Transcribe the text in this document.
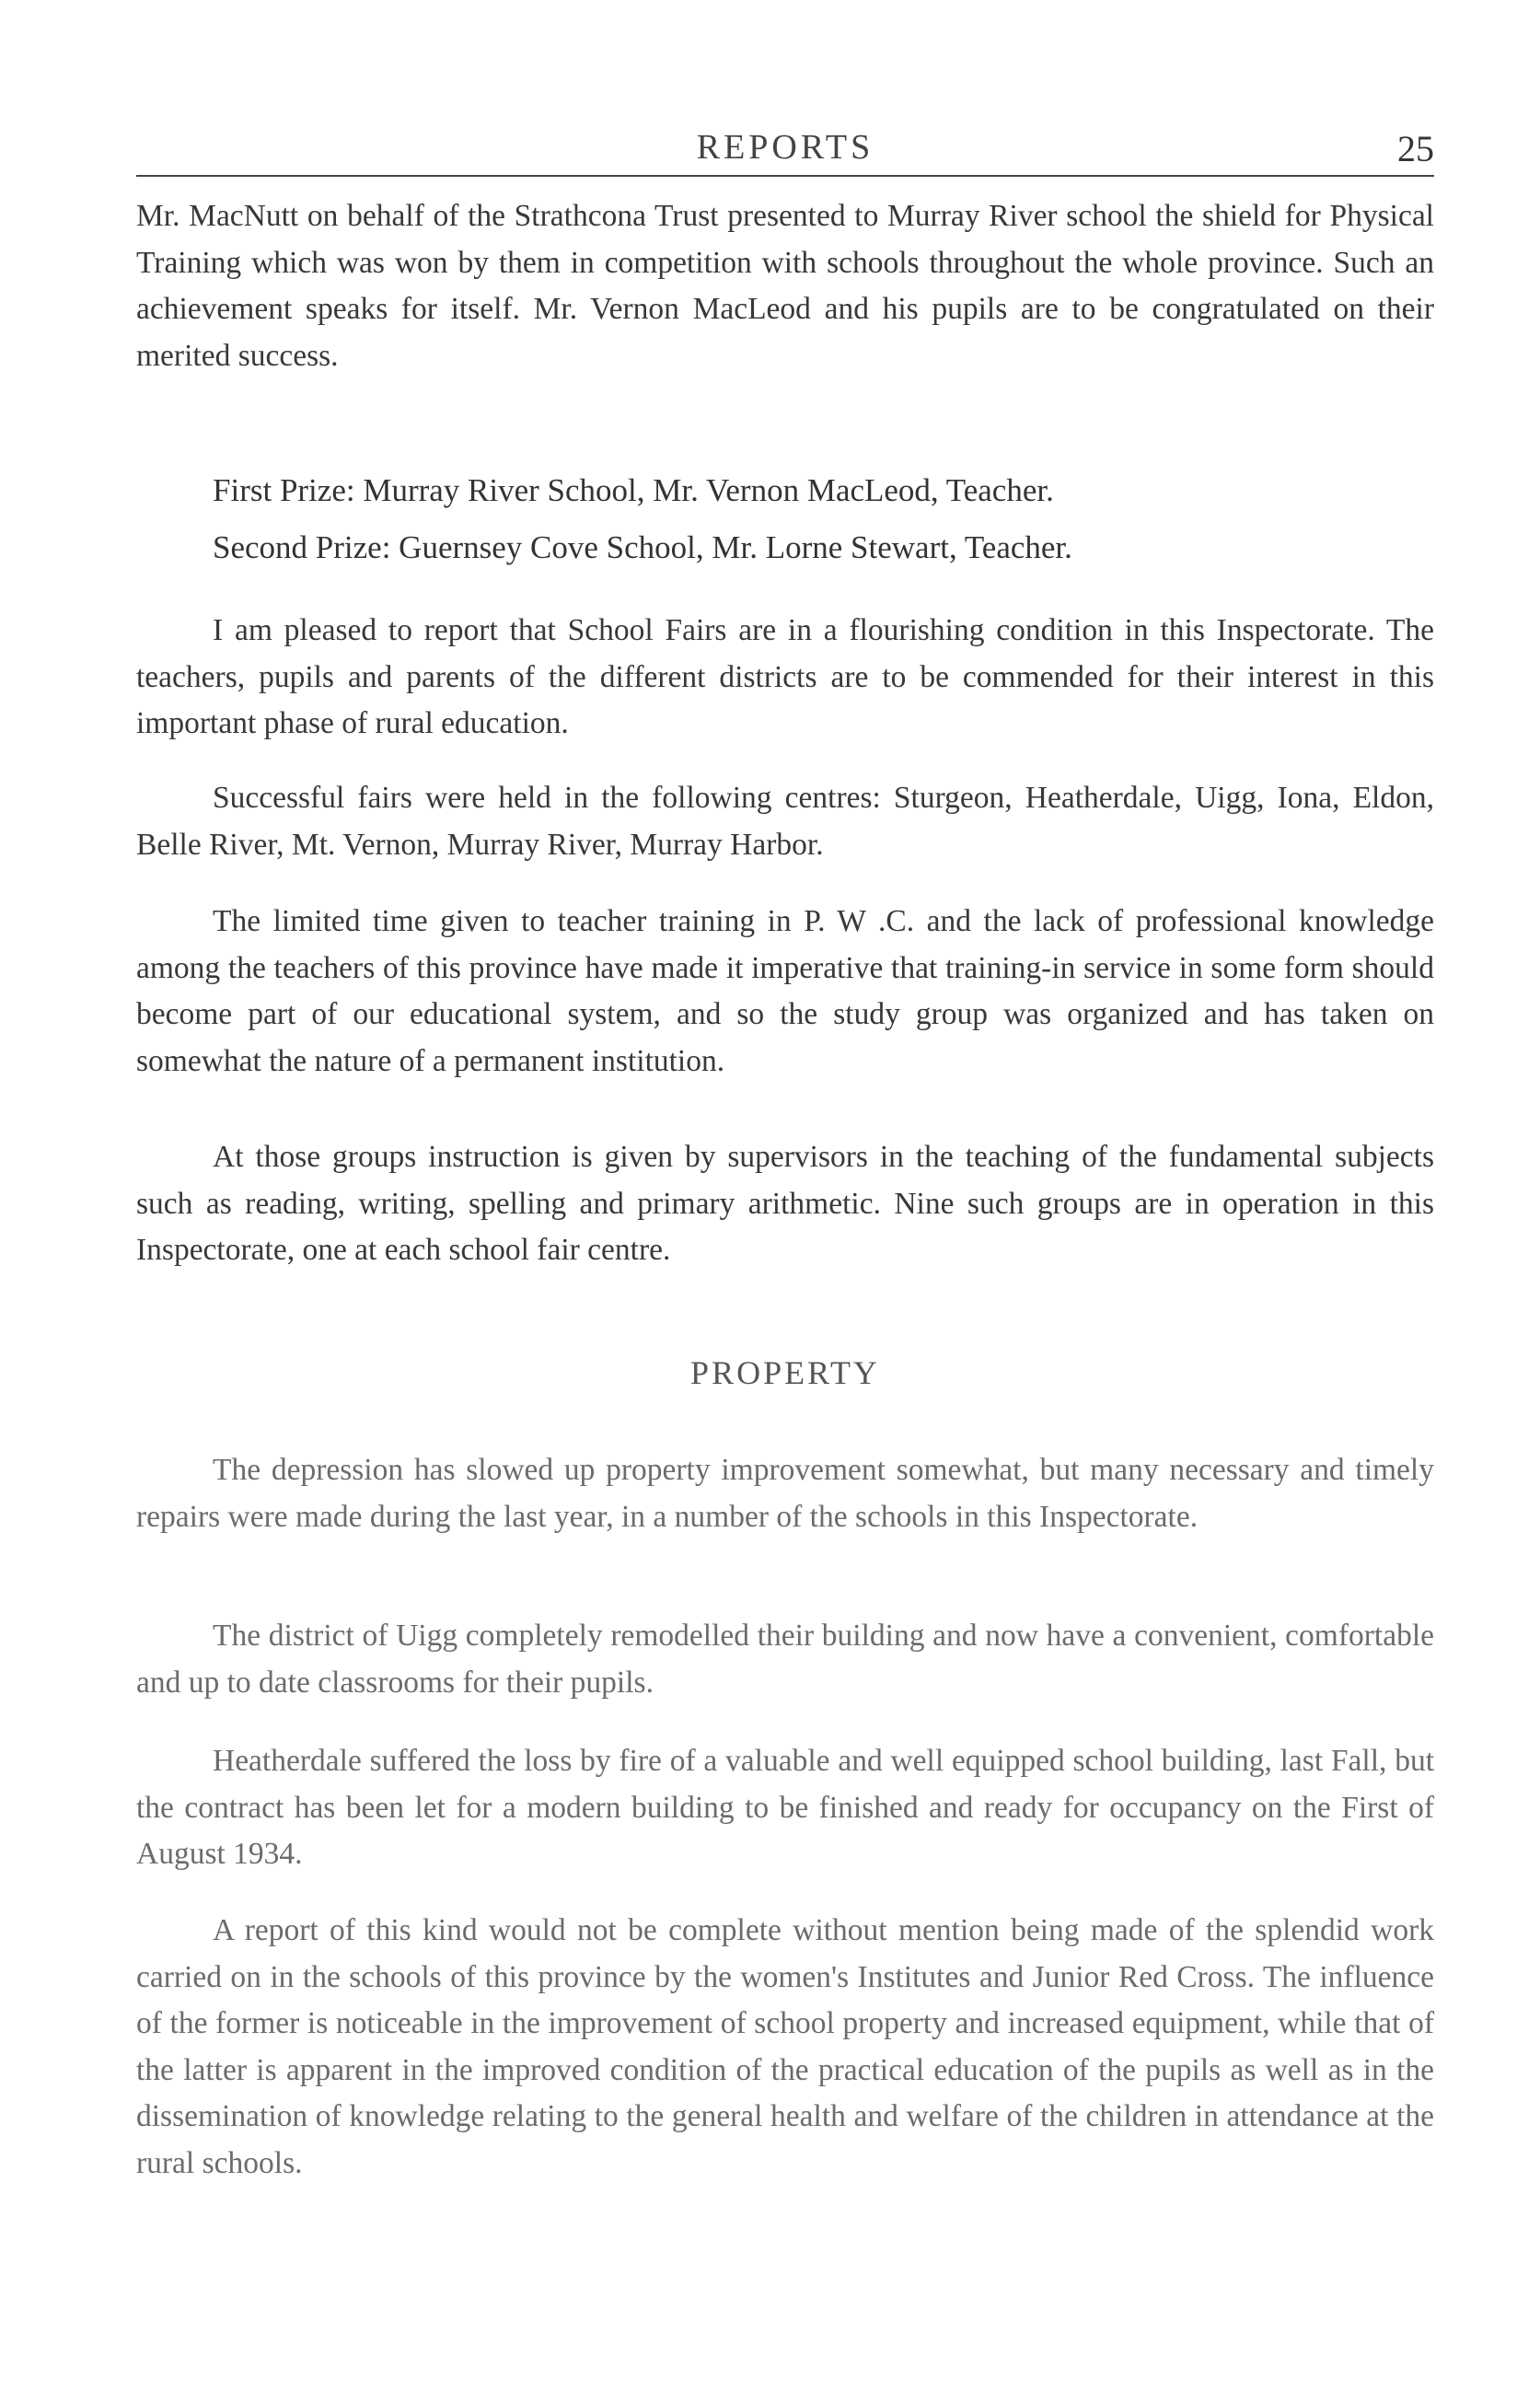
REPORTS	25

Mr. MacNutt on behalf of the Strathcona Trust presented to Murray River school the shield for Physical Training which was won by them in competition with schools throughout the whole province. Such an achievement speaks for itself. Mr. Vernon MacLeod and his pupils are to be congratulated on their merited success.

First Prize: Murray River School, Mr. Vernon MacLeod, Teacher.
Second Prize: Guernsey Cove School, Mr. Lorne Stewart, Teacher.

I am pleased to report that School Fairs are in a flourishing condition in this Inspectorate. The teachers, pupils and parents of the different districts are to be commended for their interest in this important phase of rural education.

Successful fairs were held in the following centres: Sturgeon, Heatherdale, Uigg, Iona, Eldon, Belle River, Mt. Vernon, Murray River, Murray Harbor.

The limited time given to teacher training in P. W .C. and the lack of professional knowledge among the teachers of this province have made it imperative that training-in service in some form should become part of our educational system, and so the study group was organized and has taken on somewhat the nature of a permanent institution.

At those groups instruction is given by supervisors in the teaching of the fundamental subjects such as reading, writing, spelling and primary arithmetic. Nine such groups are in operation in this Inspectorate, one at each school fair centre.

PROPERTY

The depression has slowed up property improvement somewhat, but many necessary and timely repairs were made during the last year, in a number of the schools in this Inspectorate.

The district of Uigg completely remodelled their building and now have a convenient, comfortable and up to date classrooms for their pupils.

Heatherdale suffered the loss by fire of a valuable and well equipped school building, last Fall, but the contract has been let for a modern building to be finished and ready for occupancy on the First of August 1934.

A report of this kind would not be complete without mention being made of the splendid work carried on in the schools of this province by the women's Institutes and Junior Red Cross. The influence of the former is noticeable in the improvement of school property and increased equipment, while that of the latter is apparent in the improved condition of the practical education of the pupils as well as in the dissemination of knowledge relating to the general health and welfare of the children in attendance at the rural schools.
